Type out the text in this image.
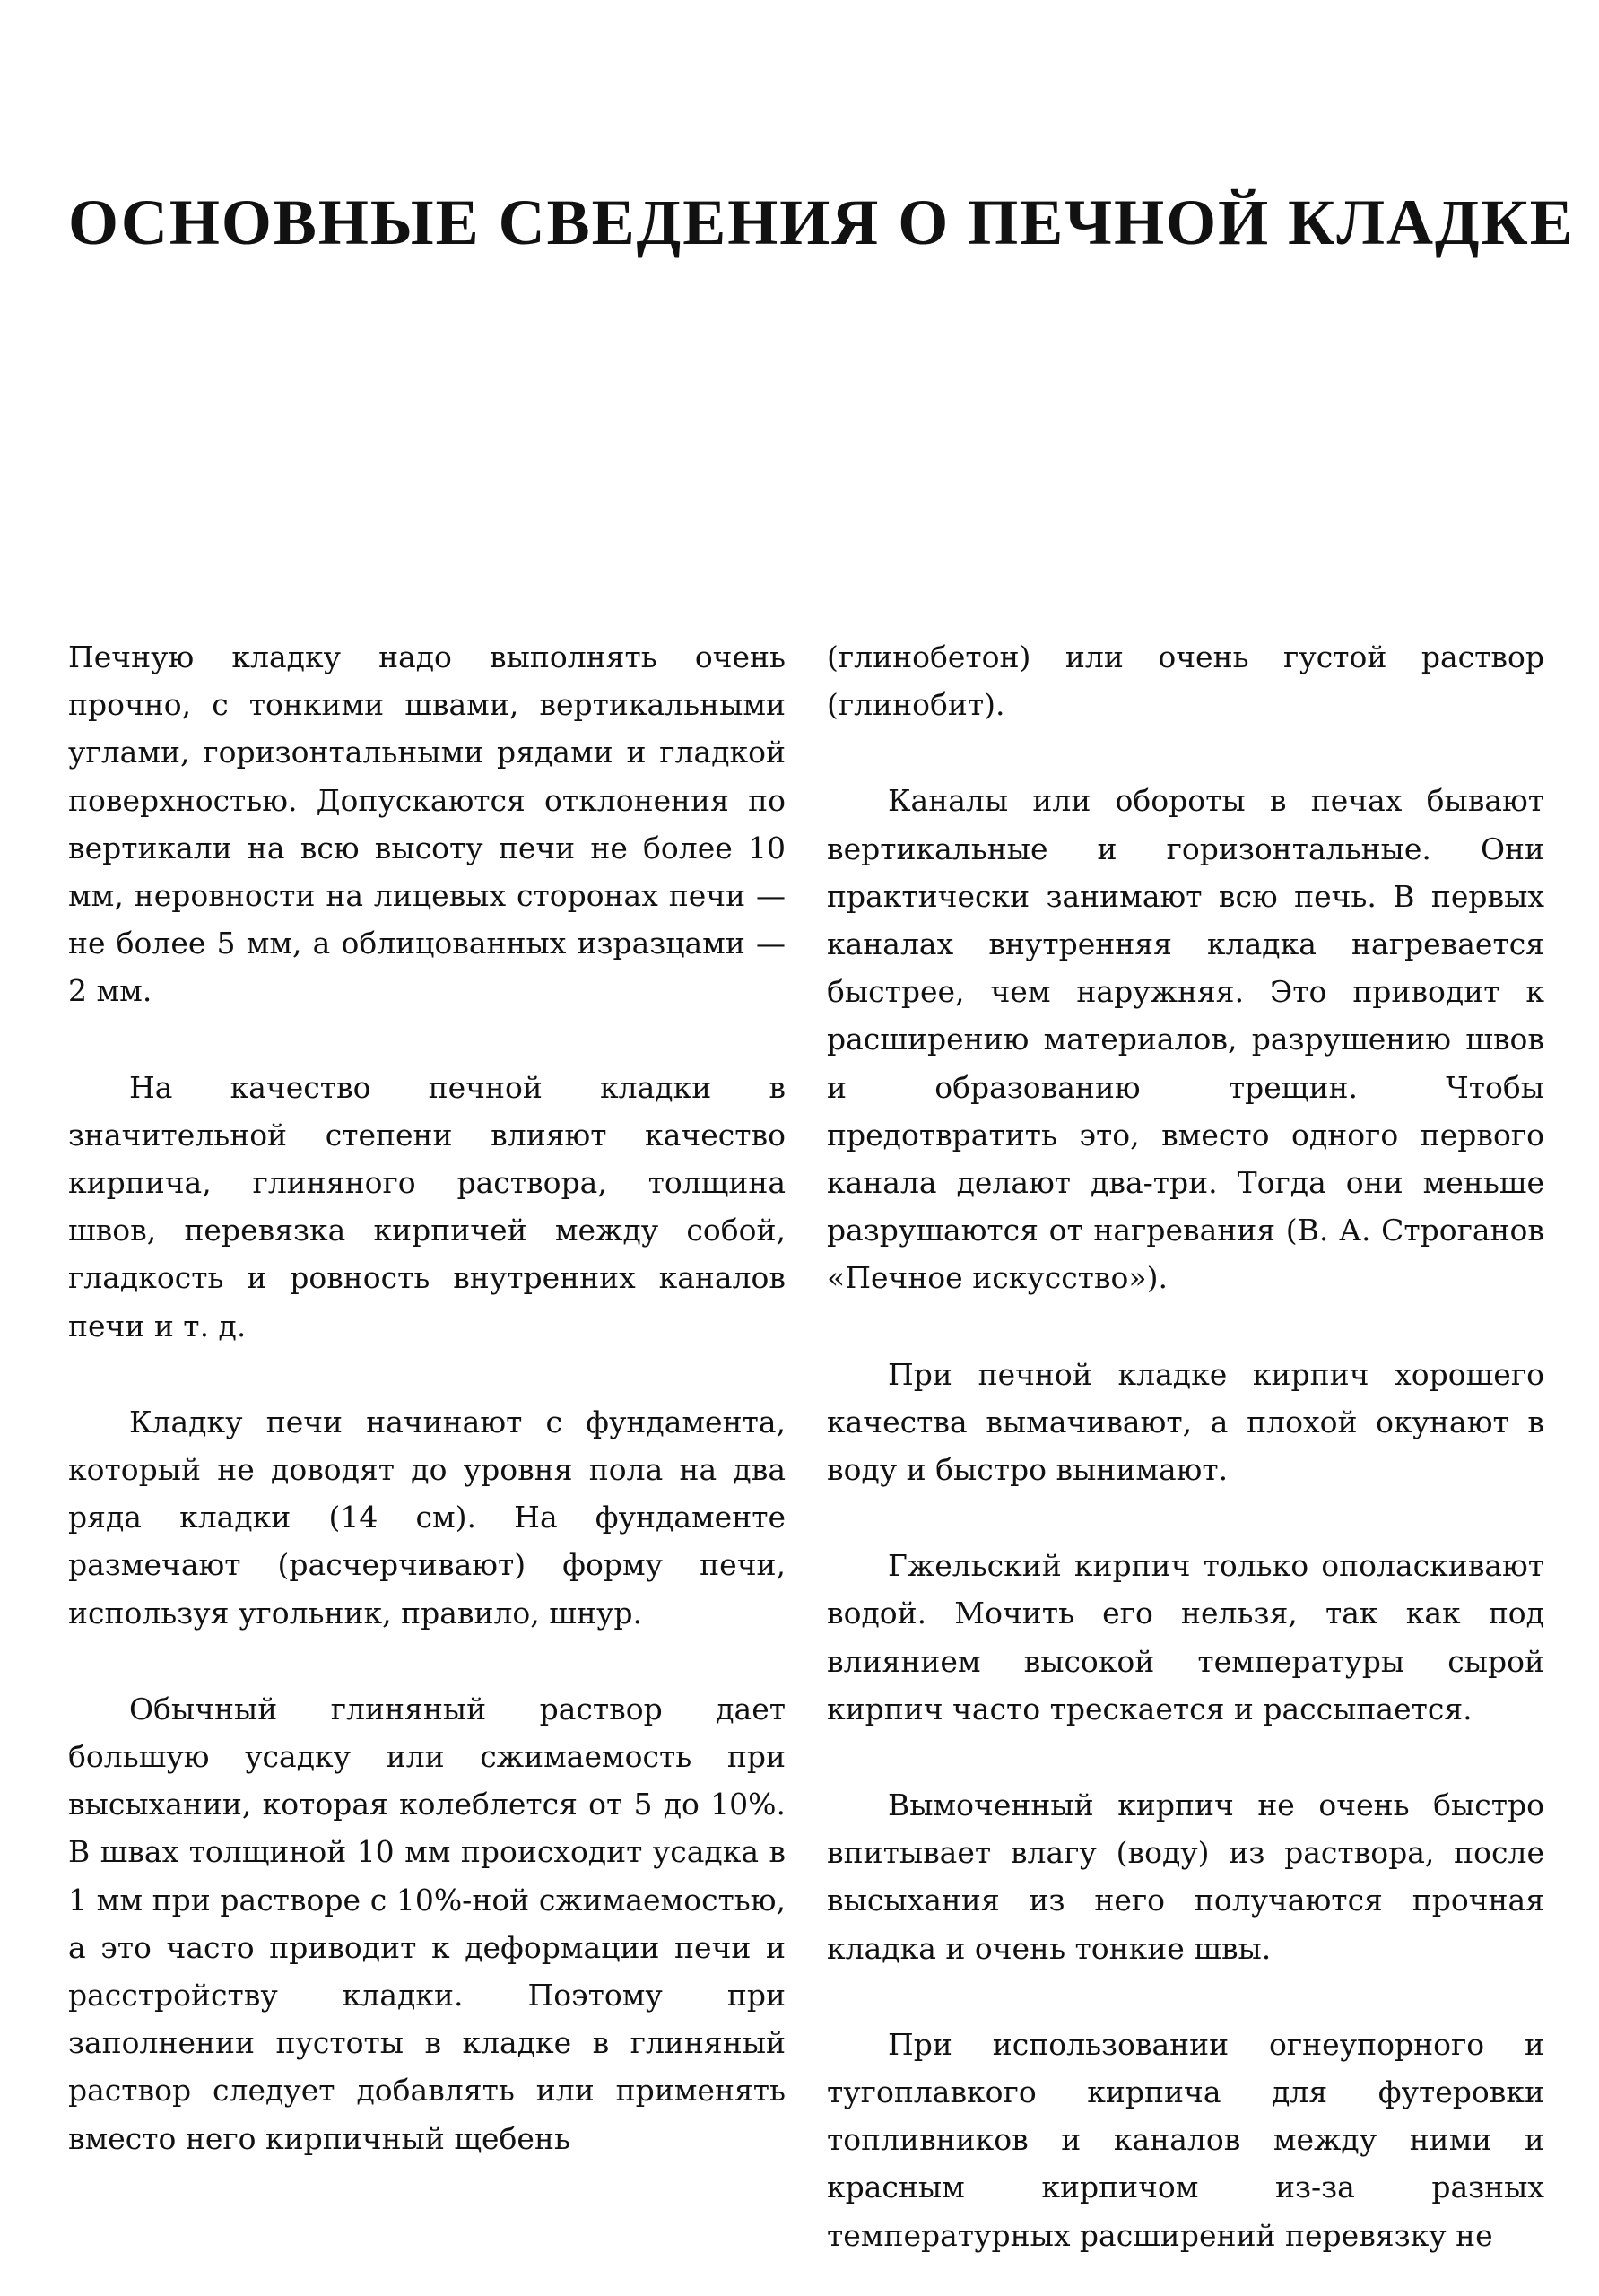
ОСНОВНЫЕ СВЕДЕНИЯ О ПЕЧНОЙ КЛАДКЕ

Печную кладку надо выполнять очень прочно, с тонкими швами, вертикальными углами, горизонтальными рядами и гладкой поверхностью. Допускаются отклонения по вертикали на всю высоту печи не более 10 мм, неровности на лицевых сторонах печи — не более 5 мм, а облицованных изразцами —2 мм.

На качество печной кладки в значительной степени влияют качество кирпича, глиняного раствора, толщина швов, перевязка кирпичей между собой, гладкость и ровность внутренних каналов печи и т. д.

Кладку печи начинают с фундамента, который не доводят до уровня пола на два ряда кладки (14 см). На фундаменте размечают (расчерчивают) форму печи, используя угольник, правило, шнур.

Обычный глиняный раствор дает большую усадку или сжимаемость при высыхании, которая колеблется от 5 до 10%. В швах толщиной 10 мм происходит усадка в 1 мм при растворе с 10%-ной сжимаемостью, а это часто приводит к деформации печи и расстройству кладки. Поэтому при заполнении пустоты в кладке в глиняный раствор следует добавлять или применять вместо него кирпичный щебень

(глинобетон) или очень густой раствор (глинобит).

Каналы или обороты в печах бывают вертикальные и горизонтальные. Они практически занимают всю печь. В первых каналах внутренняя кладка нагревается быстрее, чем наружняя. Это приводит к расширению материалов, разрушению швов и образованию трещин. Чтобы предотвратить это, вместо одного первого канала делают два-три. Тогда они меньше разрушаются от нагревания (В. А. Строганов «Печное искусство»).

При печной кладке кирпич хорошего качества вымачивают, а плохой окунают в воду и быстро вынимают.

Гжельский кирпич только ополаскивают водой. Мочить его нельзя, так как под влиянием высокой температуры сырой кирпич часто трескается и рассыпается.

Вымоченный кирпич не очень быстро впитывает влагу (воду) из раствора, после высыхания из него получаются прочная кладка и очень тонкие швы.

При использовании огнеупорного и тугоплавкого кирпича для футеровки топливников и каналов между ними и красным кирпичом из-за разных температурных расширений перевязку не
